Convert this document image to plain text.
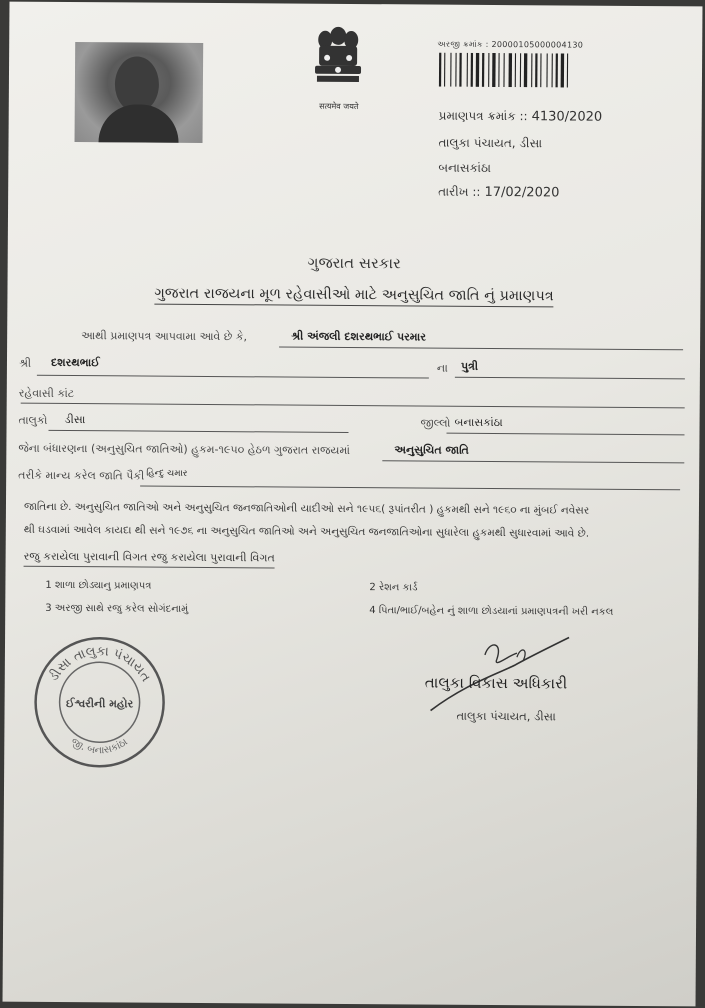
सत्यमेव जयते
અરજી ક્રમાંક : 20000105000004130
પ્રમાણપત્ર ક્રમાંક :: 4130/2020
તાલુકા પંચાયત, ડીસા
બનાસકાંઠા
તારીખ :: 17/02/2020
ગુજરાત સરકાર
ગુજરાત રાજયના મૂળ રહેવાસીઓ માટે અનુસુચિત જાતિ નું પ્રમાણપત્ર
આથી પ્રમાણપત્ર આપવામા આવે છે કે,	શ્રી અંજલી દશરથભાઈ પરમાર
શ્રી દશરથભાઈ	ના પુત્રી
રહેવાસી કાંટ
તાલુકો ડીસા	જીલ્લો બનાસકાંઠા
જેના બંધારણના (અનુસુચિત જાતિઓ) હુકમ-૧૯૫૦ હેઠળ ગુજરાત રાજયમાં	અનુસુચિત જાતિ
તરીકે માન્ય કરેલ જાતિ પૈકી હિન્દુ ચમાર
જાતિના છે. અનુસુચિત જાતિઓ અને અનુસુચિત જનજાતિઓની યાદીઓ સને ૧૯૫૬( રૂપાંતરીત ) હુકમથી સને ૧૯૬૦ ના મુંબઈ નવેસર
થી ઘડવામાં આવેલ કાયદા થી સને ૧૯૭૬ ના અનુસુચિત જાતિઓ અને અનુસુચિત જનજાતિઓના સુધારેલા હુકમથી સુધારવામાં આવે છે.
રજુ કરાયેલા પુરાવાની વિગત રજુ કરાયેલા પુરાવાની વિગત
1 શાળા છોડ્યાનુ પ્રમાણપત્ર	2 રેશન કાર્ડ
3 અરજી સાથે રજુ કરેલ સોગંદનામું	4 પિતા/ભાઈ/બહેન નું શાળા છોડયાનાં પ્રમાણપત્રની ખરી નકલ
ડીસા તાલુકા પંચાયત
જી. બનાસકાંઠા
ઈશ્વરીની મહોર
તાલુકા વિકાસ અધિકારી
તાલુકા પંચાયત, ડીસા
